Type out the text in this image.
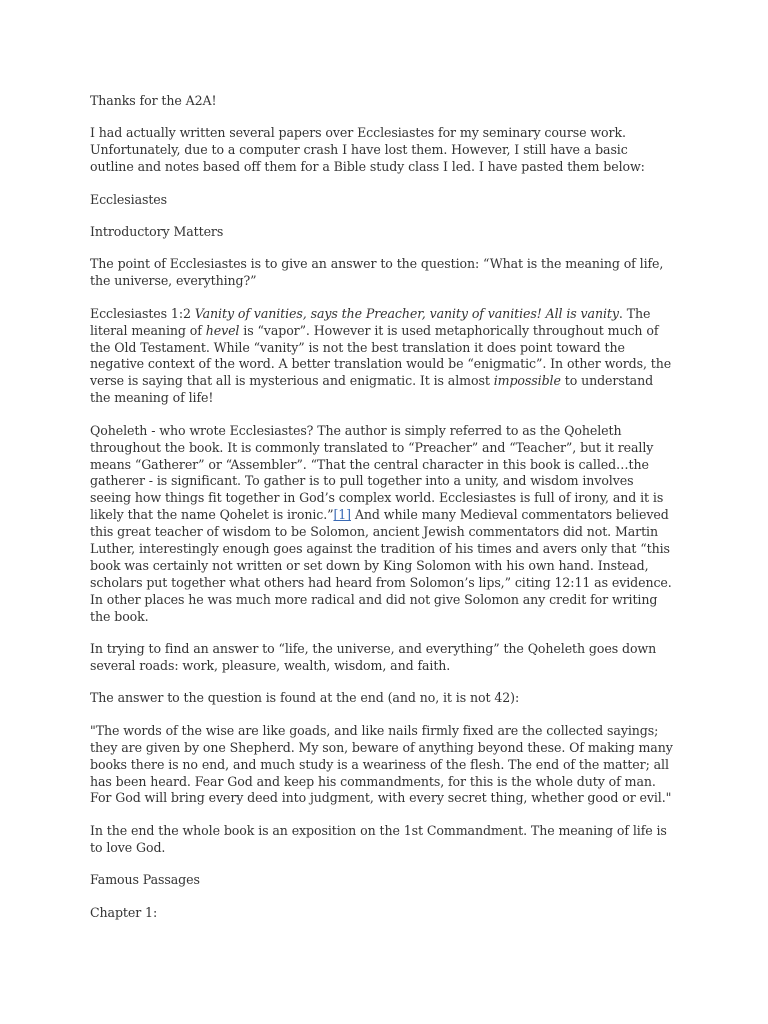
Thanks for the A2A!

I had actually written several papers over Ecclesiastes for my seminary course work.
Unfortunately, due to a computer crash I have lost them. However, I still have a basic
outline and notes based off them for a Bible study class I led. I have pasted them below:

Ecclesiastes

Introductory Matters

The point of Ecclesiastes is to give an answer to the question: “What is the meaning of life,
the universe, everything?”

Ecclesiastes 1:2 Vanity of vanities, says the Preacher, vanity of vanities! All is vanity. The
literal meaning of hevel is “vapor”. However it is used metaphorically throughout much of
the Old Testament. While “vanity” is not the best translation it does point toward the
negative context of the word. A better translation would be “enigmatic”. In other words, the
verse is saying that all is mysterious and enigmatic. It is almost impossible to understand
the meaning of life!

Qoheleth - who wrote Ecclesiastes? The author is simply referred to as the Qoheleth
throughout the book. It is commonly translated to “Preacher” and “Teacher”, but it really
means “Gatherer” or “Assembler”. “That the central character in this book is called…the
gatherer - is significant. To gather is to pull together into a unity, and wisdom involves
seeing how things fit together in God’s complex world. Ecclesiastes is full of irony, and it is
likely that the name Qohelet is ironic.”[1] And while many Medieval commentators believed
this great teacher of wisdom to be Solomon, ancient Jewish commentators did not. Martin
Luther, interestingly enough goes against the tradition of his times and avers only that “this
book was certainly not written or set down by King Solomon with his own hand. Instead,
scholars put together what others had heard from Solomon’s lips,” citing 12:11 as evidence.
In other places he was much more radical and did not give Solomon any credit for writing
the book.

In trying to find an answer to “life, the universe, and everything” the Qoheleth goes down
several roads: work, pleasure, wealth, wisdom, and faith.

The answer to the question is found at the end (and no, it is not 42):

"The words of the wise are like goads, and like nails firmly fixed are the collected sayings;
they are given by one Shepherd. My son, beware of anything beyond these. Of making many
books there is no end, and much study is a weariness of the flesh. The end of the matter; all
has been heard. Fear God and keep his commandments, for this is the whole duty of man.
For God will bring every deed into judgment, with every secret thing, whether good or evil."

In the end the whole book is an exposition on the 1st Commandment. The meaning of life is
to love God.

Famous Passages

Chapter 1:
